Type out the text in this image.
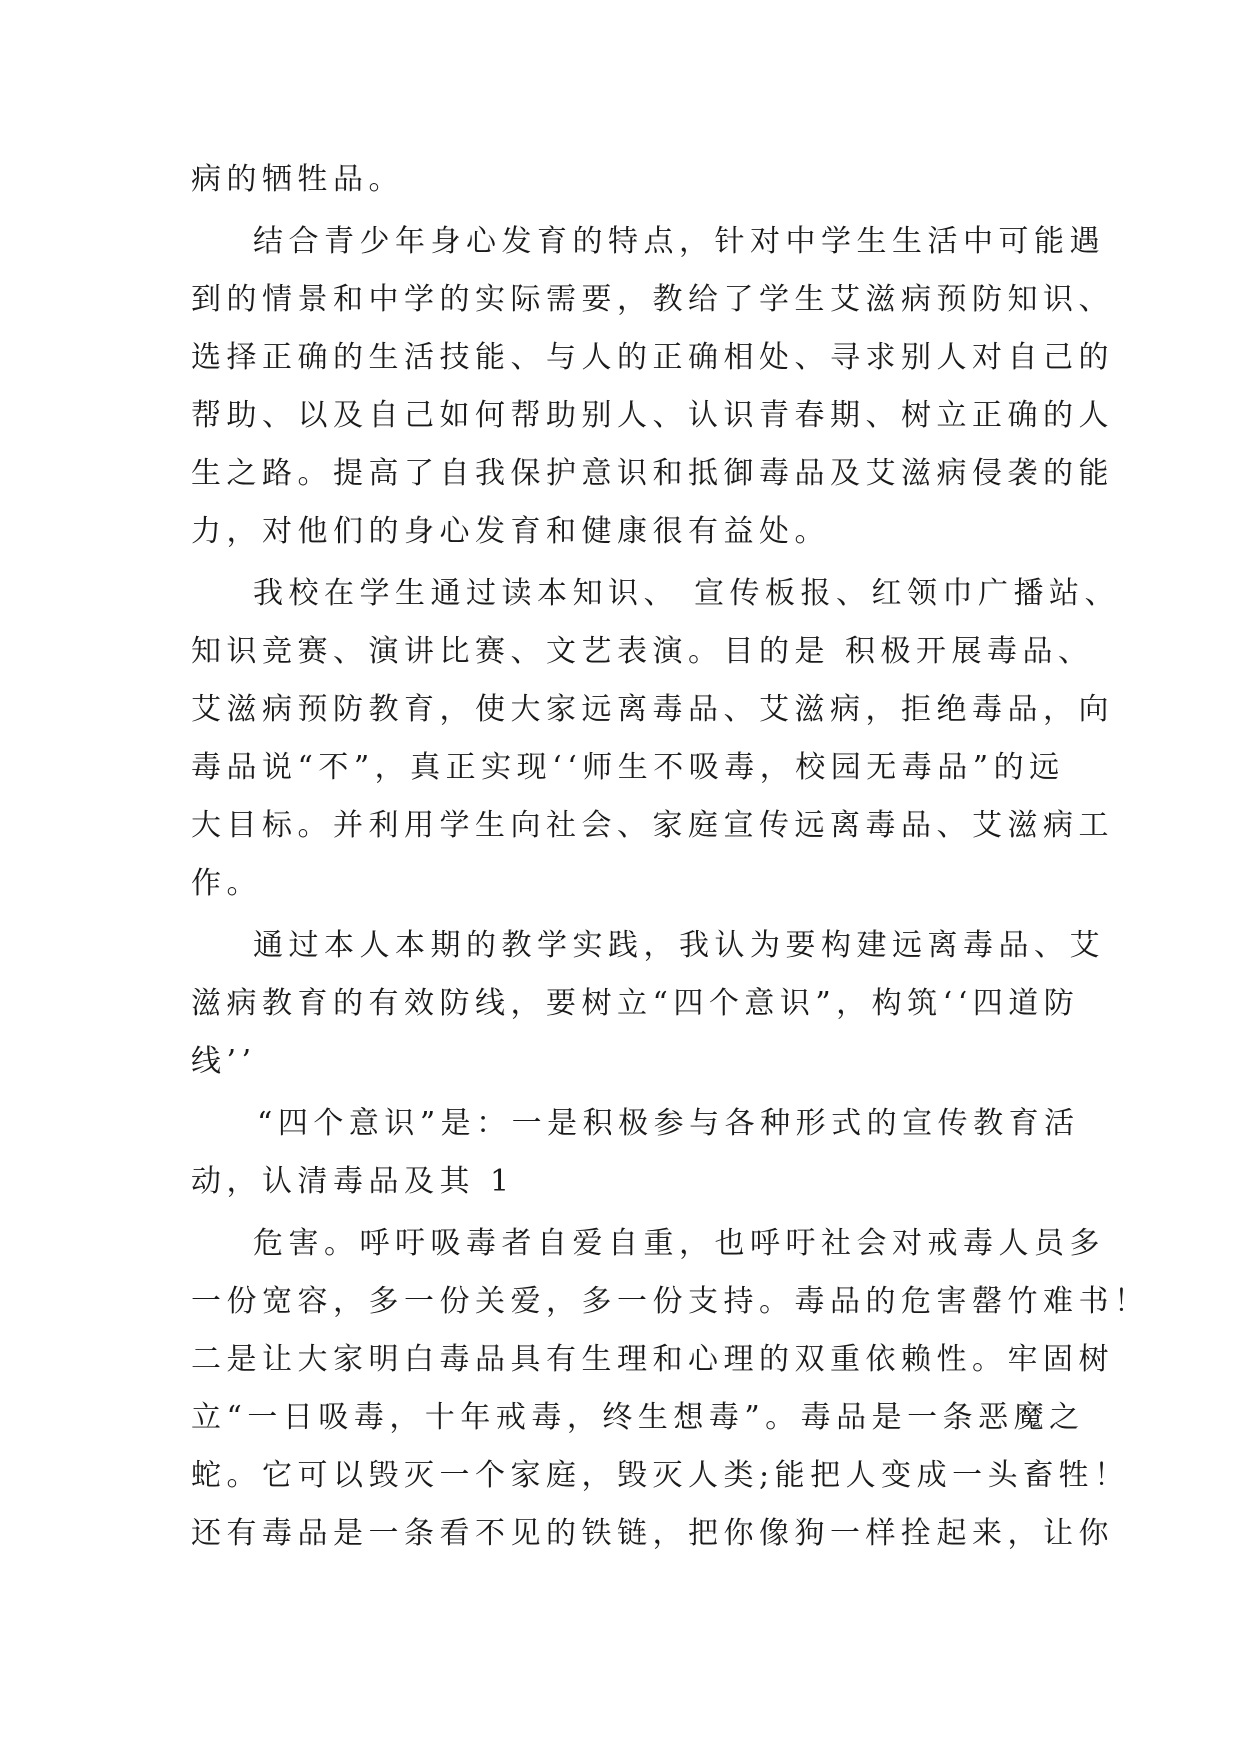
病的牺牲品。
结合青少年身心发育的特点，针对中学生生活中可能遇
到的情景和中学的实际需要，教给了学生艾滋病预防知识、
选择正确的生活技能、与人的正确相处、寻求别人对自己的
帮助、以及自己如何帮助别人、认识青春期、树立正确的人
生之路。提高了自我保护意识和抵御毒品及艾滋病侵袭的能
力，对他们的身心发育和健康很有益处。
我校在学生通过读本知识、 宣传板报、红领巾广播站、
知识竞赛、演讲比赛、文艺表演。目的是 积极开展毒品、
艾滋病预防教育，使大家远离毒品、艾滋病，拒绝毒品，向
毒品说“不”，真正实现‘‘师生不吸毒，校园无毒品”的远
大目标。并利用学生向社会、家庭宣传远离毒品、艾滋病工
作。
通过本人本期的教学实践，我认为要构建远离毒品、艾
滋病教育的有效防线，要树立“四个意识”，构筑‘‘四道防
线’’
“四个意识”是：一是积极参与各种形式的宣传教育活
动，认清毒品及其 1
危害。呼吁吸毒者自爱自重，也呼吁社会对戒毒人员多
一份宽容，多一份关爱，多一份支持。毒品的危害罄竹难书！
二是让大家明白毒品具有生理和心理的双重依赖性。牢固树
立“一日吸毒，十年戒毒，终生想毒”。毒品是一条恶魔之
蛇。它可以毁灭一个家庭，毁灭人类;能把人变成一头畜牲！
还有毒品是一条看不见的铁链，把你像狗一样拴起来，让你
